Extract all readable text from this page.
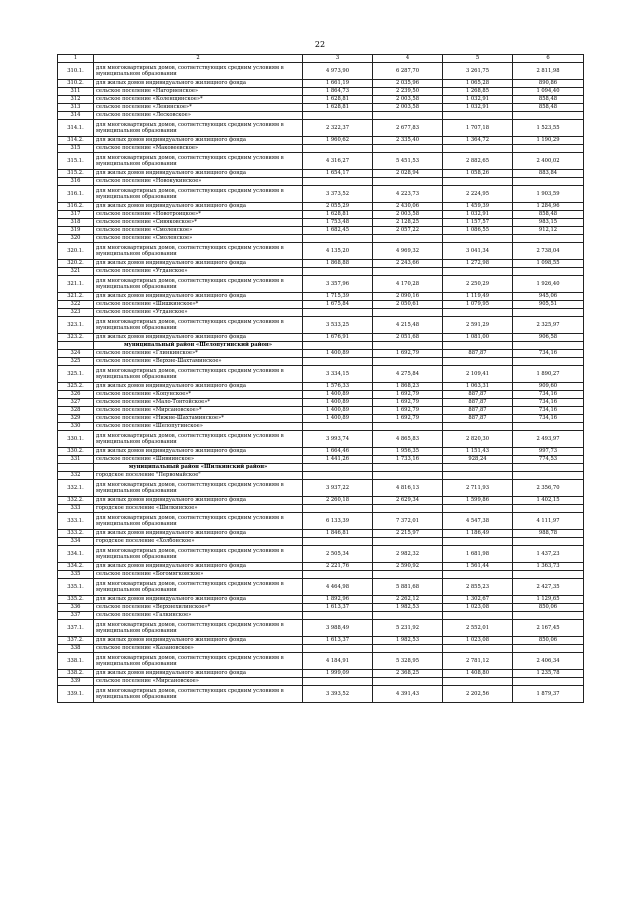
22
1	2	3	4	5	6
310.1.	для многоквартирных домов, соответствующих средним условиям в муниципальном образовании	4 973,90	6 287,70	3 261,75	2 811,98
310.2.	для жилых домов индивидуального жилищного фонда	1 661,19	2 035,96	1 065,28	890,86
311	сельское поселение «Нагорненское»	1 864,73	2 239,50	1 268,85	1 094,40
312	сельское поселение «Коленщинское»*	1 628,81	2 003,58	1 032,91	858,48
313	сельское поселение «Ленинское»*	1 628,81	2 003,58	1 032,91	858,48
314	сельское поселение «Лесковское»				
314.1.	для многоквартирных домов, соответствующих средним условиям в муниципальном образовании	2 322,37	2 677,83	1 707,18	1 523,55
314.2.	для жилых домов индивидуального жилищного фонда	1 960,62	2 335,40	1 364,72	1 190,29
315	сельское поселение «Маковеевское»				
315.1.	для многоквартирных домов, соответствующих средним условиям в муниципальном образовании	4 316,27	5 451,53	2 882,65	2 400,02
315.2.	для жилых домов индивидуального жилищного фонда	1 654,17	2 028,94	1 058,26	883,84
316	сельское поселение «Новокукинское»				
316.1.	для многоквартирных домов, соответствующих средним условиям в муниципальном образовании	3 373,52	4 223,73	2 224,95	1 903,59
316.2.	для жилых домов индивидуального жилищного фонда	2 055,29	2 430,06	1 459,39	1 284,96
317	сельское поселение «Новотроицкое»*	1 628,81	2 003,58	1 032,91	858,48
318	сельское поселение «Сивяковское»*	1 753,48	2 128,25	1 157,57	983,15
319	сельское поселение «Смоленское»	1 682,45	2 057,22	1 086,55	912,12
320	сельское поселение «Смоленское»				
320.1.	для многоквартирных домов, соответствующих средним условиям в муниципальном образовании	4 135,20	4 969,32	3 041,34	2 738,04
320.2.	для жилых домов индивидуального жилищного фонда	1 868,88	2 243,66	1 272,98	1 098,55
321	сельское поселение «Угданское»				
321.1.	для многоквартирных домов, соответствующих средним условиям в муниципальном образовании	3 357,96	4 170,28	2 250,29	1 926,40
321.2.	для жилых домов индивидуального жилищного фонда	1 715,39	2 090,16	1 119,49	945,06
322	сельское поселение «Шишкинское»*	1 675,84	2 050,61	1 079,95	905,51
323	сельское поселение «Угданское»				
323.1.	для многоквартирных домов, соответствующих средним условиям в муниципальном образовании	3 533,25	4 215,48	2 591,29	2 325,97
323.2.	для жилых домов индивидуального жилищного фонда	1 676,91	2 051,68	1 081,00	906,58
	муниципальный район «Шелопугинский район»				
324	сельское поселение «Глинкинское»*	1 400,89	1 692,79	887,87	734,16
325	сельское поселение «Верхне-Шахтаминское»				
325.1.	для многоквартирных домов, соответствующих средним условиям в муниципальном образовании	3 334,15	4 275,84	2 109,41	1 890,27
325.2.	для жилых домов индивидуального жилищного фонда	1 576,33	1 868,23	1 063,31	909,60
326	сельское поселение «Копунское»*	1 400,89	1 692,79	887,87	734,16
327	сельское поселение «Мало-Тонтойское»*	1 400,89	1 692,79	887,87	734,16
328	сельское поселение «Мирсановское»*	1 400,89	1 692,79	887,87	734,16
329	сельское поселение «Нижне-Шахтаминское»*	1 400,89	1 692,79	887,87	734,16
330	сельское поселение «Шелопугинское»				
330.1.	для многоквартирных домов, соответствующих средним условиям в муниципальном образовании	3 993,74	4 865,83	2 820,30	2 493,97
330.2.	для жилых домов индивидуального жилищного фонда	1 664,46	1 956,35	1 151,43	997,73
331	сельское поселение «Шивиинское»	1 441,26	1 733,16	928,24	774,53
	муниципальный район «Шилкинский район»				
332	городское поселение "Первомайское"				
332.1.	для многоквартирных домов, соответствующих средним условиям в муниципальном образовании	3 937,22	4 816,13	2 711,93	2 356,70
332.2.	для жилых домов индивидуального жилищного фонда	2 260,18	2 629,34	1 599,86	1 402,15
333	городское поселение «Шилкинское»				
333.1.	для многоквартирных домов, соответствующих средним условиям в муниципальном образовании	6 133,39	7 372,01	4 547,38	4 111,97
333.2.	для жилых домов индивидуального жилищного фонда	1 846,81	2 215,97	1 186,49	988,78
334	городское поселение «Холбонское»				
334.1.	для многоквартирных домов, соответствующих средним условиям в муниципальном образовании	2 505,34	2 982,32	1 681,98	1 437,23
334.2.	для жилых домов индивидуального жилищного фонда	2 221,76	2 590,92	1 561,44	1 363,73
335	сельское поселение «Богомягковское»				
335.1.	для многоквартирных домов, соответствующих средним условиям в муниципальном образовании	4 464,98	5 881,68	2 855,23	2 427,35
335.2.	для жилых домов индивидуального жилищного фонда	1 892,96	2 262,12	1 302,67	1 129,65
336	сельское поселение «Верхнехилинское»*	1 613,37	1 982,53	1 023,08	850,06
337	сельское поселение «Галкинское»				
337.1.	для многоквартирных домов, соответствующих средним условиям в муниципальном образовании	3 988,49	5 231,92	2 552,01	2 167,45
337.2.	для жилых домов индивидуального жилищного фонда	1 613,37	1 982,53	1 023,08	850,06
338	сельское поселение «Казановское»				
338.1.	для многоквартирных домов, соответствующих средним условиям в муниципальном образовании	4 184,91	5 328,95	2 781,12	2 406,34
338.2.	для жилых домов индивидуального жилищного фонда	1 999,09	2 368,25	1 408,80	1 235,78
339	сельское поселение «Мирсановское»				
339.1.	для многоквартирных домов, соответствующих средним условиям в муниципальном образовании	3 393,52	4 391,43	2 202,56	1 879,37
